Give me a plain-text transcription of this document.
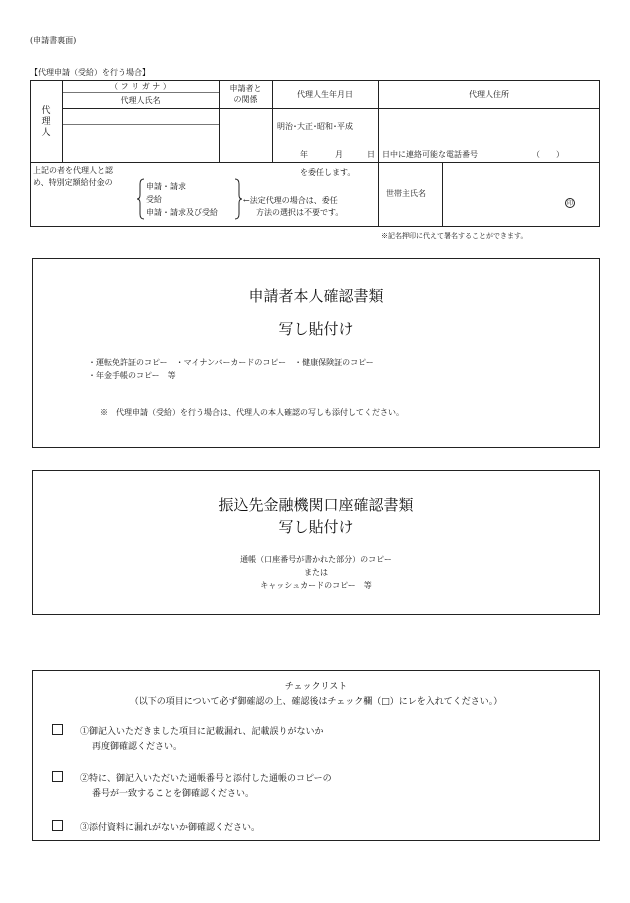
(申請書裏面)
【代理申請（受給）を行う場合】
代
理
人
（ フ リ ガ ナ ）
代理人氏名
申請者と
の関係
代理人生年月日	代理人住所
明治･大正･昭和･平成
年	月	日 日中に連絡可能な電話番号	（　　）
上記の者を代理人と認
め、特別定額給付金の	申請・請求
受給
申請・請求及び受給
を委任します。
←法定代理の場合は、委任
方法の選択は不要です。
世帯主氏名
印
※記名押印に代えて署名することができます。
申請者本人確認書類
写し貼付け
・運転免許証のコピー　・マイナンバーカードのコピー　・健康保険証のコピー
・年金手帳のコピー　等
※　代理申請（受給）を行う場合は、代理人の本人確認の写しも添付してください。
振込先金融機関口座確認書類
写し貼付け
通帳（口座番号が書かれた部分）のコピー
または
キャッシュカードのコピー　等
チェックリスト
（以下の項目について必ず御確認の上、確認後はチェック欄（□）にレを入れてください。）
①御記入いただきました項目に記載漏れ、記載誤りがないか
再度御確認ください。
②特に、御記入いただいた通帳番号と添付した通帳のコピーの
番号が一致することを御確認ください。
③添付資料に漏れがないか御確認ください。
